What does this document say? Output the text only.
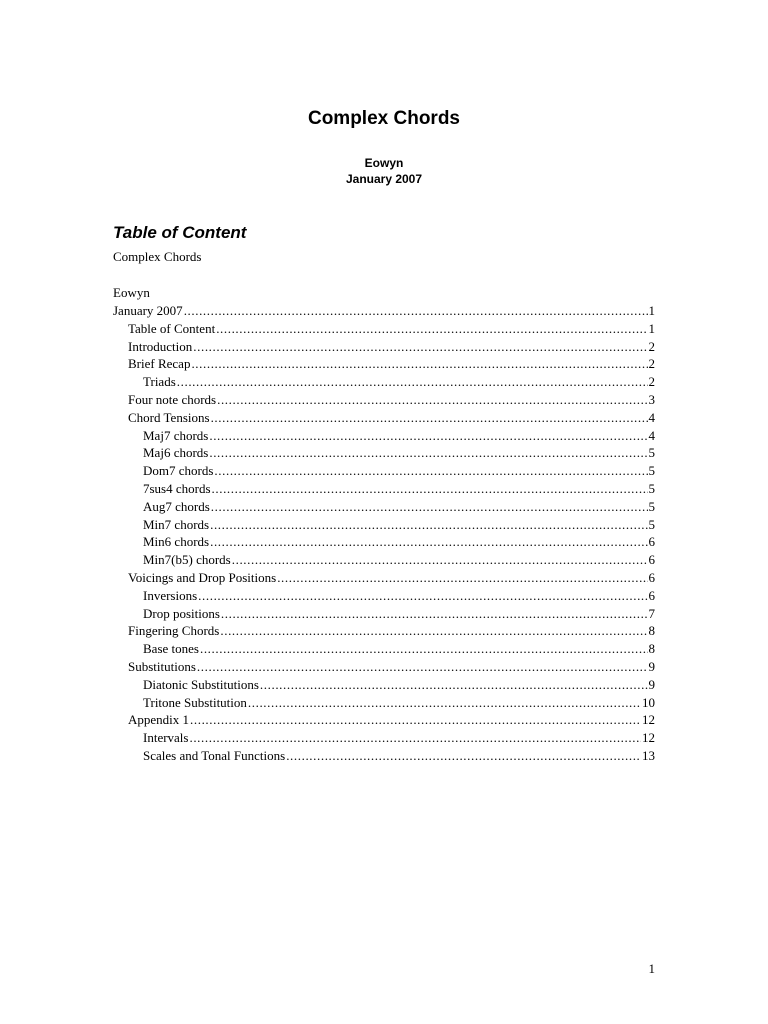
Complex Chords
Eowyn
January 2007
Table of Content
Complex Chords
Eowyn
January 2007 .....	1
Table of Content .....	1
Introduction .....	2
Brief Recap .....	2
Triads .....	2
Four note chords .....	3
Chord Tensions .....	4
Maj7 chords .....	4
Maj6 chords .....	5
Dom7 chords .....	5
7sus4 chords .....	5
Aug7 chords .....	5
Min7 chords .....	5
Min6 chords .....	6
Min7(b5) chords .....	6
Voicings and Drop Positions .....	6
Inversions .....	6
Drop positions .....	7
Fingering Chords .....	8
Base tones .....	8
Substitutions .....	9
Diatonic Substitutions .....	9
Tritone Substitution .....	10
Appendix 1 .....	12
Intervals .....	12
Scales and Tonal Functions .....	13
1
